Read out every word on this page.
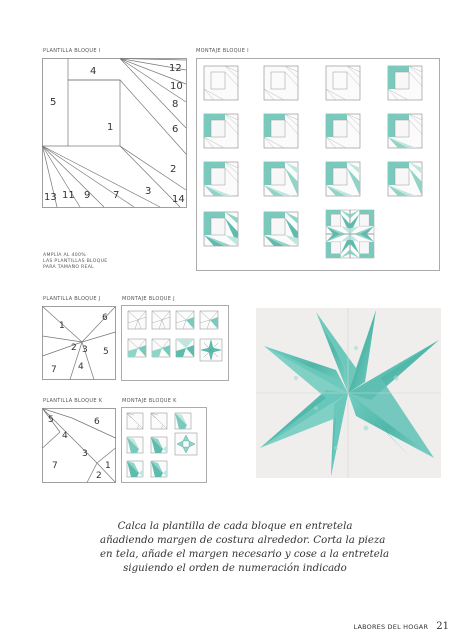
PLANTILLA BLOQUE I	MONTAJE BLOQUE I
PLANTILLA BLOQUE J	MONTAJE BLOQUE J
PLANTILLA BLOQUE K	MONTAJE BLOQUE K
AMPLÍA AL 400%
LAS PLANTILLAS BLOQUE
PARA TAMAÑO REAL
4	12
10
5	8
1	6
2
13 11 9 7	3
14
6
1
2 3 5
7 4
5	6
4
3
7	1
2
Calca la plantilla de cada bloque en entretela
añadiendo margen de costura alrededor. Corta la pieza
en tela, añade el margen necesario y cose a la entretela
siguiendo el orden de numeración indicado
LABORES DEL HOGAR 21
